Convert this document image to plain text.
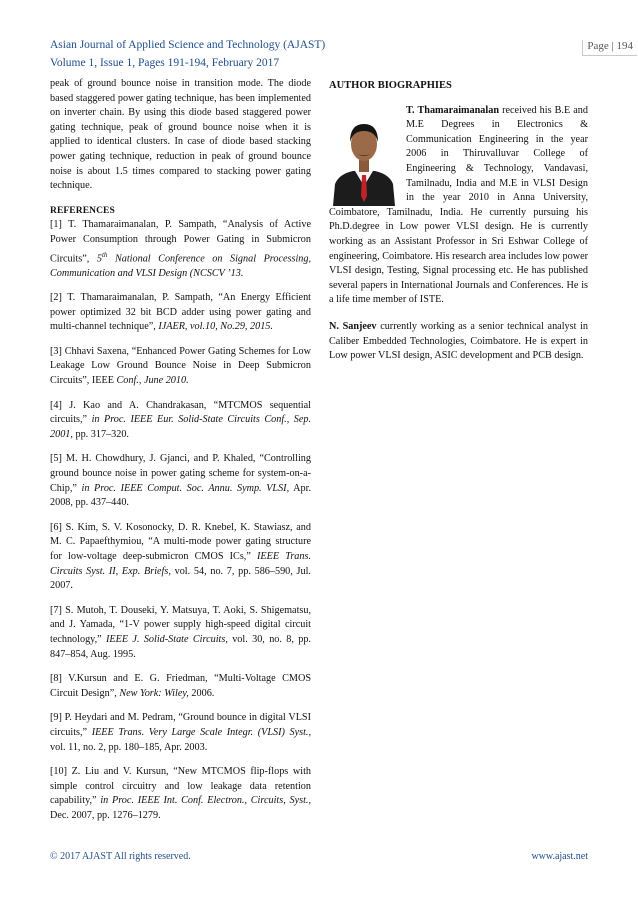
Asian Journal of Applied Science and Technology (AJAST)
Volume 1, Issue 1, Pages 191-194, February 2017
Page | 194

peak of ground bounce noise in transition mode. The diode based staggered power gating technique, has been implemented on inverter chain. By using this diode based staggered power gating technique, peak of ground bounce noise when it is applied to identical clusters. In case of diode based stacking power gating technique, reduction in peak of ground bounce noise is about 1.5 times compared to stacking power gating technique.

REFERENCES

[1] T. Thamaraimanalan, P. Sampath, “Analysis of Active Power Consumption through Power Gating in Submicron Circuits”, 5th National Conference on Signal Processing, Communication and VLSI Design (NCSCV ’13.

[2] T. Thamaraimanalan, P. Sampath, “An Energy Efficient power optimized 32 bit BCD adder using power gating and multi-channel technique”, IJAER, vol.10, No.29, 2015.

[3] Chhavi Saxena, “Enhanced Power Gating Schemes for Low Leakage Low Ground Bounce Noise in Deep Submicron Circuits”, IEEE Conf., June 2010.

[4] J. Kao and A. Chandrakasan, “MTCMOS sequential circuits,” in Proc. IEEE Eur. Solid-State Circuits Conf., Sep. 2001, pp. 317–320.

[5] M. H. Chowdhury, J. Gjanci, and P. Khaled, “Controlling ground bounce noise in power gating scheme for system-on-a-Chip,” in Proc. IEEE Comput. Soc. Annu. Symp. VLSI, Apr. 2008, pp. 437–440.

[6] S. Kim, S. V. Kosonocky, D. R. Knebel, K. Stawiasz, and M. C. Papaefthymiou, “A multi-mode power gating structure for low-voltage deep-submicron CMOS ICs,” IEEE Trans. Circuits Syst. II, Exp. Briefs, vol. 54, no. 7, pp. 586–590, Jul. 2007.

[7] S. Mutoh, T. Douseki, Y. Matsuya, T. Aoki, S. Shigematsu, and J. Yamada, “1-V power supply high-speed digital circuit technology,” IEEE J. Solid-State Circuits, vol. 30, no. 8, pp. 847–854, Aug. 1995.

[8] V.Kursun and E. G. Friedman, “Multi-Voltage CMOS Circuit Design”, New York: Wiley, 2006.

[9] P. Heydari and M. Pedram, “Ground bounce in digital VLSI circuits,” IEEE Trans. Very Large Scale Integr. (VLSI) Syst., vol. 11, no. 2, pp. 180–185, Apr. 2003.

[10] Z. Liu and V. Kursun, “New MTCMOS flip-flops with simple control circuitry and low leakage data retention capability,” in Proc. IEEE Int. Conf. Electron., Circuits, Syst., Dec. 2007, pp. 1276–1279.

AUTHOR BIOGRAPHIES

T. Thamaraimanalan received his B.E and M.E Degrees in Electronics & Communication Engineering in the year 2006 in Thiruvalluvar College of Engineering & Technology, Vandavasi, Tamilnadu, India and M.E in VLSI Design in the year 2010 in Anna University, Coimbatore, Tamilnadu, India. He currently pursuing his Ph.D.degree in Low power VLSI design. He is currently working as an Assistant Professor in Sri Eshwar College of engineering, Coimbatore. His research area includes low power VLSI design, Testing, Signal processing etc. He has published several papers in International Journals and Conferences. He is a life time member of ISTE.

N. Sanjeev currently working as a senior technical analyst in Caliber Embedded Technologies, Coimbatore. He is expert in Low power VLSI design, ASIC development and PCB design.

© 2017 AJAST All rights reserved.	www.ajast.net
